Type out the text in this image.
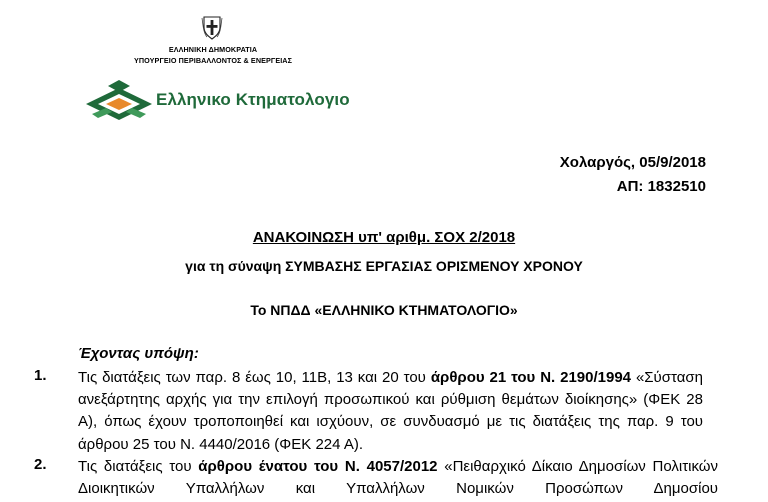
ΕΛΛΗΝΙΚΗ ΔΗΜΟΚΡΑΤΙΑ
ΥΠΟΥΡΓΕΙΟ ΠΕΡΙΒΑΛΛΟΝΤΟΣ & ΕΝΕΡΓΕΙΑΣ
Ελληνικο Κτηματολογιο
Χολαργός, 05/9/2018
ΑΠ: 1832510
ΑΝΑΚΟΙΝΩΣΗ υπ' αριθμ. ΣΟΧ 2/2018
για τη σύναψη ΣΥΜΒΑΣΗΣ ΕΡΓΑΣΙΑΣ ΟΡΙΣΜΕΝΟΥ ΧΡΟΝΟΥ
Το ΝΠΔΔ «ΕΛΛΗΝΙΚΟ ΚΤΗΜΑΤΟΛΟΓΙΟ»
Έχοντας υπόψη:
1. Τις διατάξεις των παρ. 8 έως 10, 11Β, 13 και 20 του άρθρου 21 του Ν. 2190/1994 «Σύσταση ανεξάρτητης αρχής για την επιλογή προσωπικού και ρύθμιση θεμάτων διοίκησης» (ΦΕΚ 28 Α), όπως έχουν τροποποιηθεί και ισχύουν, σε συνδυασμό με τις διατάξεις της παρ. 9 του άρθρου 25 του Ν. 4440/2016 (ΦΕΚ 224 Α).
2. Τις διατάξεις του άρθρου ένατου του Ν. 4057/2012 «Πειθαρχικό Δίκαιο Δημοσίων Πολιτικών Διοικητικών Υπαλλήλων και Υπαλλήλων Νομικών Προσώπων Δημοσίου
